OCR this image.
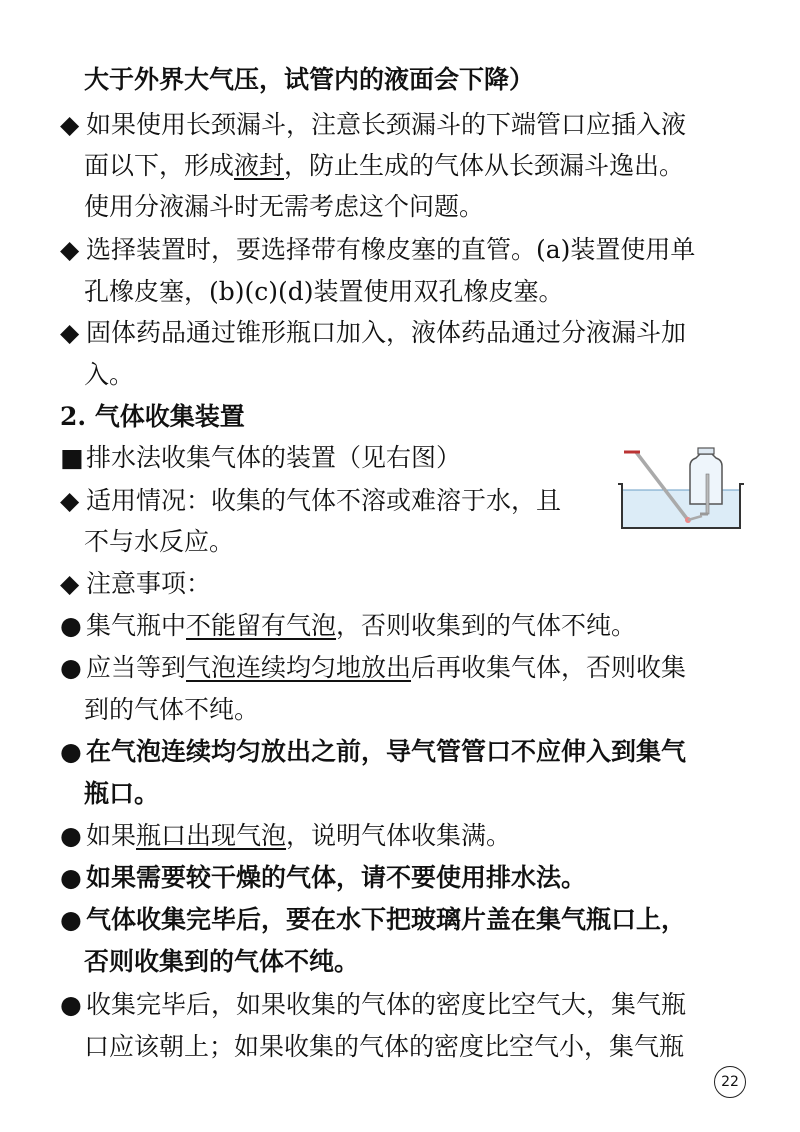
大于外界大气压，试管内的液面会下降）
◆ 如果使用长颈漏斗，注意长颈漏斗的下端管口应插入液
面以下，形成液封，防止生成的气体从长颈漏斗逸出。
使用分液漏斗时无需考虑这个问题。
◆ 选择装置时，要选择带有橡皮塞的直管。(a)装置使用单
孔橡皮塞，(b)(c)(d)装置使用双孔橡皮塞。
◆ 固体药品通过锥形瓶口加入，液体药品通过分液漏斗加
入。
2. 气体收集装置
■排水法收集气体的装置（见右图）
◆ 适用情况：收集的气体不溶或难溶于水，且
不与水反应。
◆ 注意事项：
● 集气瓶中不能留有气泡，否则收集到的气体不纯。
● 应当等到气泡连续均匀地放出后再收集气体，否则收集
到的气体不纯。
● 在气泡连续均匀放出之前，导气管管口不应伸入到集气
瓶口。
● 如果瓶口出现气泡，说明气体收集满。
● 如果需要较干燥的气体，请不要使用排水法。
● 气体收集完毕后，要在水下把玻璃片盖在集气瓶口上，
否则收集到的气体不纯。
● 收集完毕后，如果收集的气体的密度比空气大，集气瓶
口应该朝上；如果收集的气体的密度比空气小，集气瓶
22
